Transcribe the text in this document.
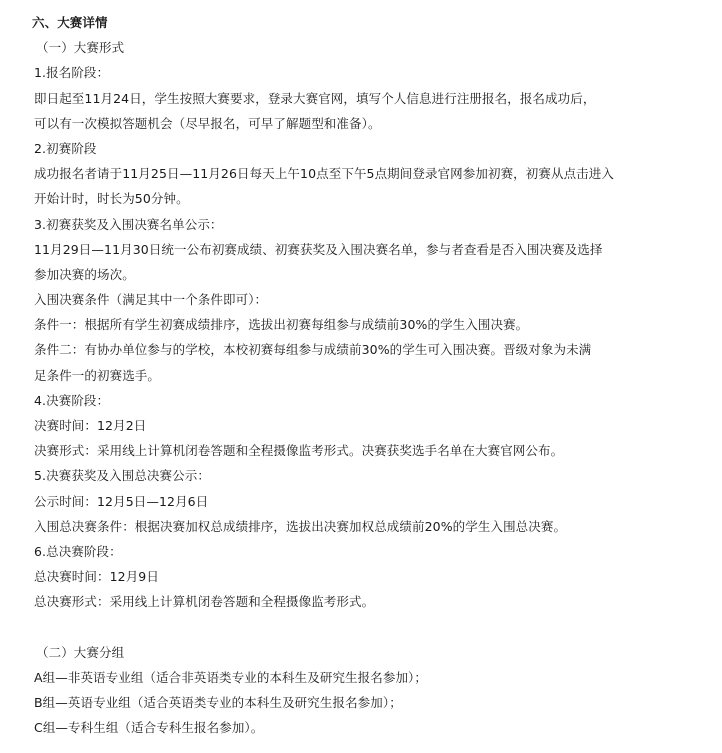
六、大赛详情
（一）大赛形式
1.报名阶段：
即日起至11月24日，学生按照大赛要求，登录大赛官网，填写个人信息进行注册报名，报名成功后，
可以有一次模拟答题机会（尽早报名，可早了解题型和准备）。
2.初赛阶段
成功报名者请于11月25日—11月26日每天上午10点至下午5点期间登录官网参加初赛，初赛从点击进入
开始计时，时长为50分钟。
3.初赛获奖及入围决赛名单公示：
11月29日—11月30日统一公布初赛成绩、初赛获奖及入围决赛名单，参与者查看是否入围决赛及选择
参加决赛的场次。
入围决赛条件（满足其中一个条件即可）：
条件一：根据所有学生初赛成绩排序，选拔出初赛每组参与成绩前30%的学生入围决赛。
条件二：有协办单位参与的学校，本校初赛每组参与成绩前30%的学生可入围决赛。晋级对象为未满
足条件一的初赛选手。
4.决赛阶段：
决赛时间：12月2日
决赛形式：采用线上计算机闭卷答题和全程摄像监考形式。决赛获奖选手名单在大赛官网公布。
5.决赛获奖及入围总决赛公示：
公示时间：12月5日—12月6日
入围总决赛条件：根据决赛加权总成绩排序，选拔出决赛加权总成绩前20%的学生入围总决赛。
6.总决赛阶段：
总决赛时间：12月9日
总决赛形式：采用线上计算机闭卷答题和全程摄像监考形式。
（二）大赛分组
A组—非英语专业组（适合非英语类专业的本科生及研究生报名参加）；
B组—英语专业组（适合英语类专业的本科生及研究生报名参加）；
C组—专科生组（适合专科生报名参加）。
